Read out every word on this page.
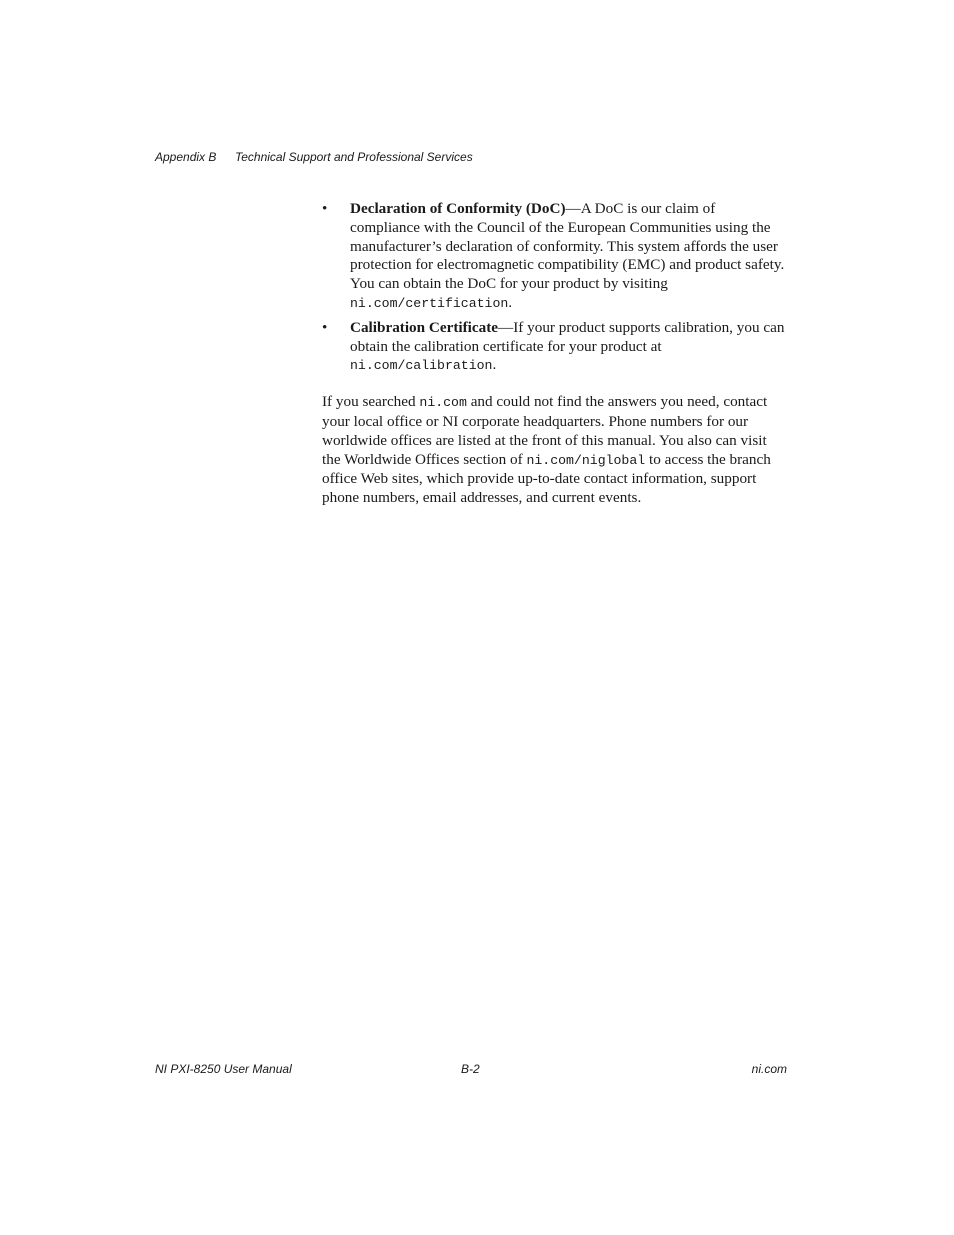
Appendix B Technical Support and Professional Services
• Declaration of Conformity (DoC)—A DoC is our claim of compliance with the Council of the European Communities using the manufacturer’s declaration of conformity. This system affords the user protection for electromagnetic compatibility (EMC) and product safety. You can obtain the DoC for your product by visiting ni.com/certification.
• Calibration Certificate—If your product supports calibration, you can obtain the calibration certificate for your product at ni.com/calibration.

If you searched ni.com and could not find the answers you need, contact your local office or NI corporate headquarters. Phone numbers for our worldwide offices are listed at the front of this manual. You also can visit the Worldwide Offices section of ni.com/niglobal to access the branch office Web sites, which provide up-to-date contact information, support phone numbers, email addresses, and current events.

NI PXI-8250 User Manual	B-2	ni.com
